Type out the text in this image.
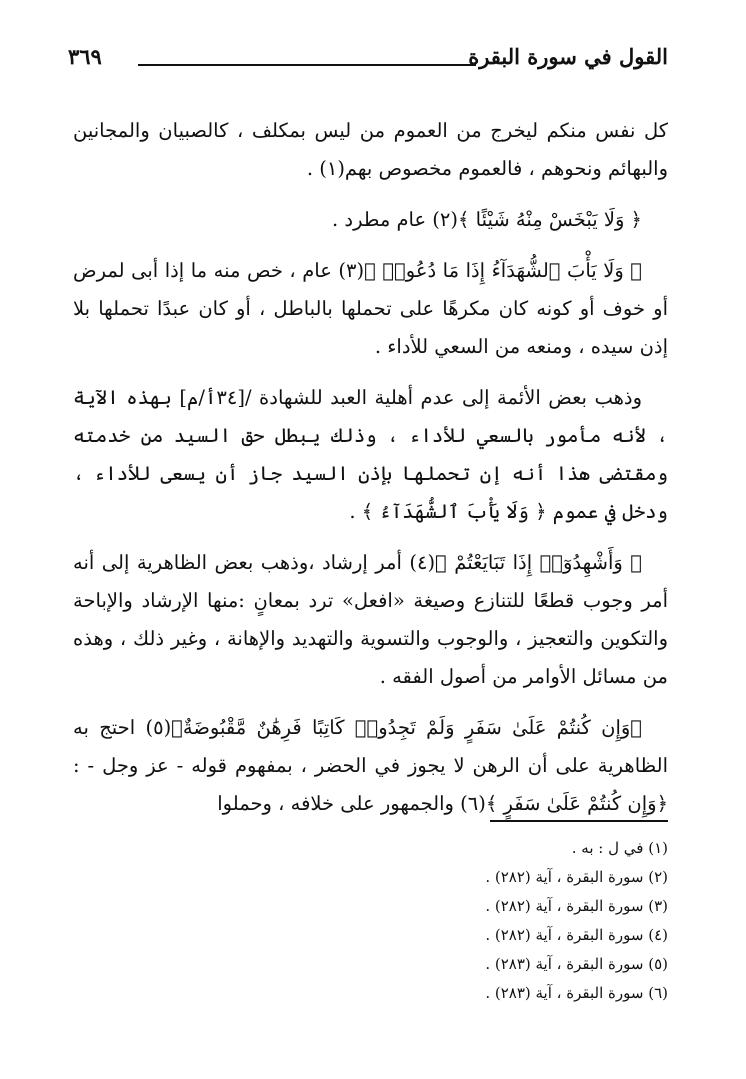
القول في سورة البقرة
٣٦٩

كل نفس منكم ليخرج من العموم من ليس بمكلف ، كالصبيان والمجانين والبهائم ونحوهم ، فالعموم مخصوص بهم(١) .

﴿ وَلَا يَبْخَسْ مِنْهُ شَيْئًا ﴾(٢) عام مطرد .

﴿ وَلَا يَأْبَ ٱلشُّهَدَآءُ إِذَا مَا دُعُوا۟ ﴾(٣) عام ، خص منه ما إذا أبى لمرض أو خوف أو كونه كان مكرهًا على تحملها بالباطل ، أو كان عبدًا تحملها بلا إذن سيده ، ومنعه من السعي للأداء .

وذهب بعض الأئمة إلى عدم أهلية العبد للشهادة /[٣٤أ/م] بهذه الآية ، لأنه مأمور بالسعي للأداء ، وذلك يبطل حق السيد من خدمته ومقتضى هذا أنه إن تحملها بإذن السيد جاز أن يسعى للأداء ، ودخل في عموم ﴿ وَلَا يَأْبَ ٱلشُّهَدَآءُ ﴾ .

﴿ وَأَشْهِدُوٓا۟ إِذَا تَبَايَعْتُمْ ﴾(٤) أمر إرشاد ،وذهب بعض الظاهرية إلى أنه أمر وجوب قطعًا للتنازع وصيغة «افعل» ترد بمعانٍ :منها الإرشاد والإباحة والتكوين والتعجيز ، والوجوب والتسوية والتهديد والإهانة ، وغير ذلك ، وهذه من مسائل الأوامر من أصول الفقه .

﴿وَإِن كُنتُمْ عَلَىٰ سَفَرٍ وَلَمْ تَجِدُوا۟ كَاتِبًا فَرِهَٰنٌ مَّقْبُوضَةٌ﴾(٥) احتج به الظاهرية على أن الرهن لا يجوز في الحضر ، بمفهوم قوله - عز وجل - :﴿وَإِن كُنتُمْ عَلَىٰ سَفَرٍ ﴾(٦) والجمهور على خلافه ، وحملوا

(١) في ل : به .
(٢) سورة البقرة ، آية (٢٨٢) .
(٣) سورة البقرة ، آية (٢٨٢) .
(٤) سورة البقرة ، آية (٢٨٢) .
(٥) سورة البقرة ، آية (٢٨٣) .
(٦) سورة البقرة ، آية (٢٨٣) .
